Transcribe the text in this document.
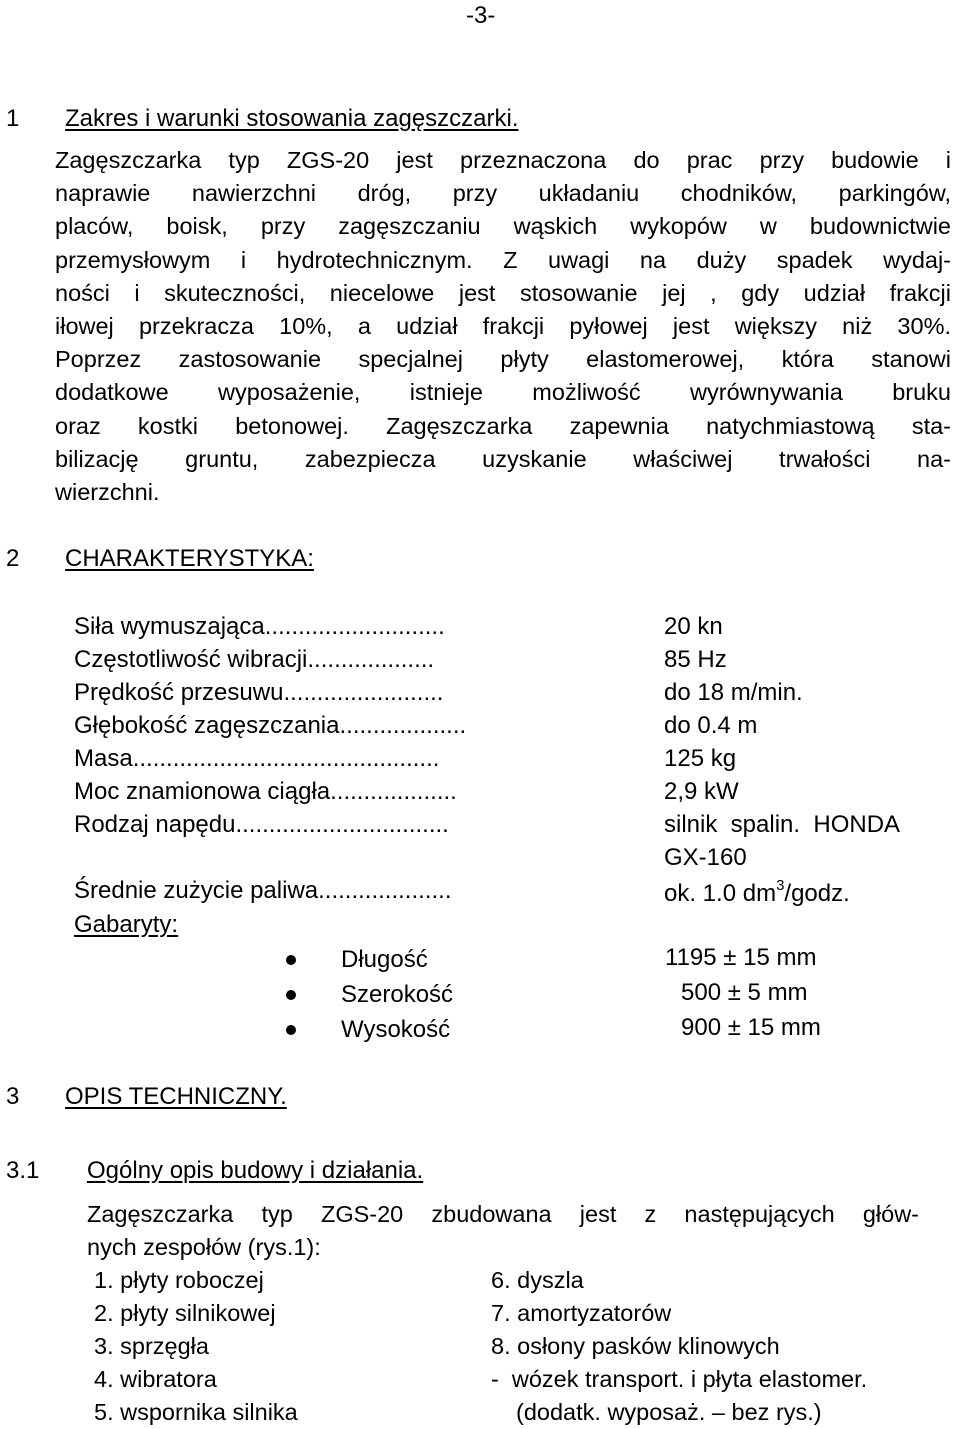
-3-
1 Zakres i warunki stosowania zagęszczarki.
Zagęszczarka typ ZGS-20 jest przeznaczona do prac przy budowie i
naprawie nawierzchni dróg, przy układaniu chodników, parkingów,
placów, boisk, przy zagęszczaniu wąskich wykopów w budownictwie
przemysłowym i hydrotechnicznym. Z uwagi na duży spadek wydaj-
ności i skuteczności, niecelowe jest stosowanie jej , gdy udział frakcji
iłowej przekracza 10%, a udział frakcji pyłowej jest większy niż 30%.
Poprzez zastosowanie specjalnej płyty elastomerowej, która stanowi
dodatkowe wyposażenie, istnieje możliwość wyrównywania bruku
oraz kostki betonowej. Zagęszczarka zapewnia natychmiastową sta-
bilizację gruntu, zabezpiecza uzyskanie właściwej trwałości na-
wierzchni.
2 CHARAKTERYSTYKA:
Siła wymuszająca...........................	20 kn
Częstotliwość wibracji...................	85 Hz
Prędkość przesuwu........................	do 18 m/min.
Głębokość zagęszczania...................	do 0.4 m
Masa..............................................	125 kg
Moc znamionowa ciągła...................	2,9 kW
Rodzaj napędu................................	silnik  spalin.  HONDA
GX-160
Średnie zużycie paliwa....................	ok. 1.0 $dm^3$/godz.
Gabaryty:
Długość	1195 ± 15 mm
Szerokość	500 ± 5 mm
Wysokość	900 ± 15 mm
3 OPIS TECHNICZNY.
3.1 Ogólny opis budowy i działania.
Zagęszczarka typ ZGS-20 zbudowana jest z następujących głów-
nych zespołów (rys.1):
1. płyty roboczej
2. płyty silnikowej
3. sprzęgła
4. wibratora
5. wspornika silnika
6. dyszla
7. amortyzatorów
8. osłony pasków klinowych
-  wózek transport. i płyta elastomer.
(dodatk. wyposaż. – bez rys.)
